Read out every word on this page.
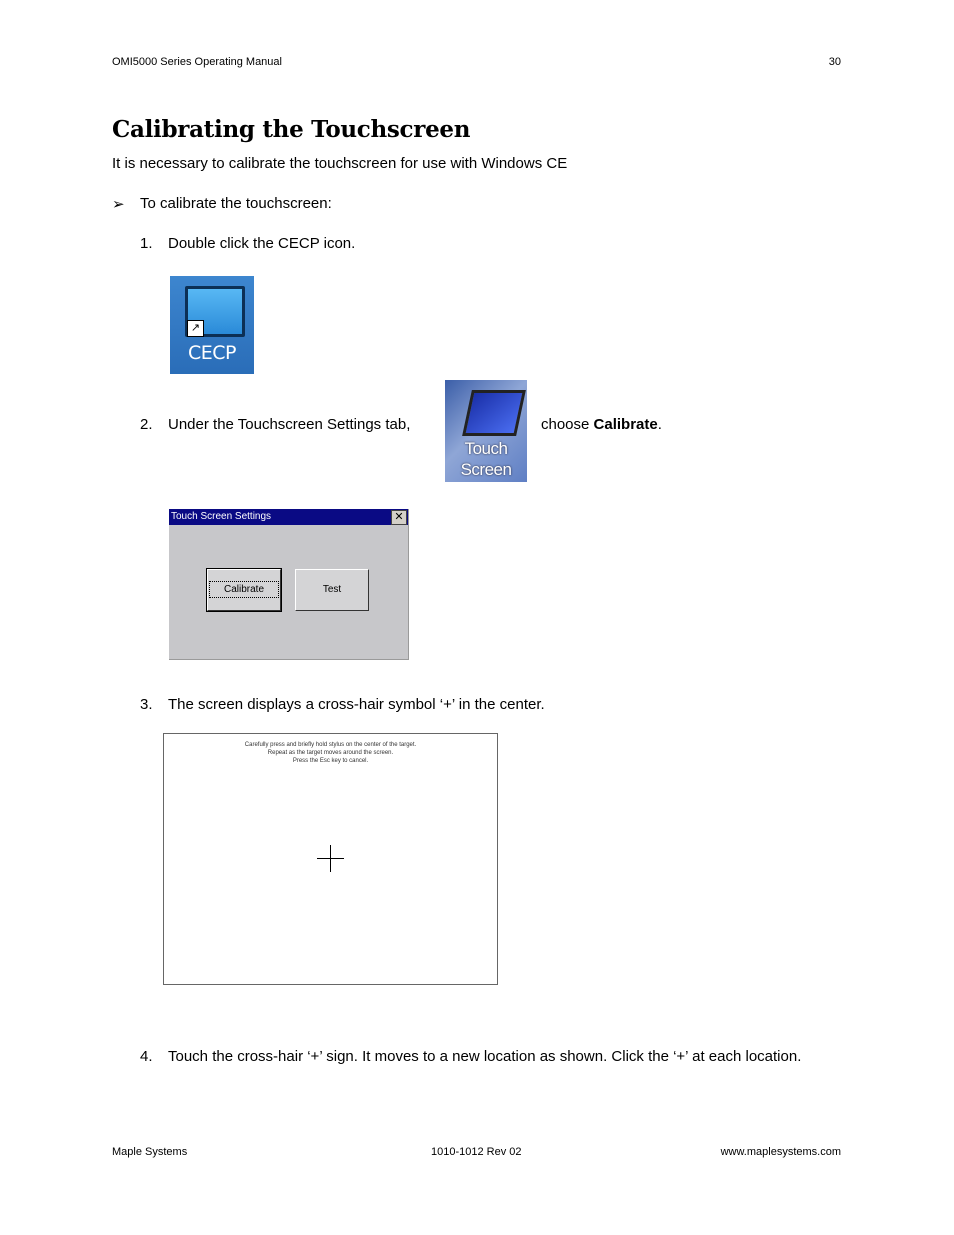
OMI5000 Series Operating Manual	30
Calibrating the Touchscreen
It is necessary to calibrate the touchscreen for use with Windows CE
➢ To calibrate the touchscreen:
1. Double click the CECP icon.
↗
CECP
2. Under the Touchscreen Settings tab,
Touch
Screen
choose Calibrate.
Touch Screen Settings	✕
Calibrate	Test
3. The screen displays a cross-hair symbol ‘+’ in the center.
Carefully press and briefly hold stylus on the center of the target.
Repeat as the target moves around the screen.
Press the Esc key to cancel.
4. Touch the cross-hair ‘+’ sign. It moves to a new location as shown. Click the ‘+’ at each location.
Maple Systems	1010-1012 Rev 02	www.maplesystems.com
